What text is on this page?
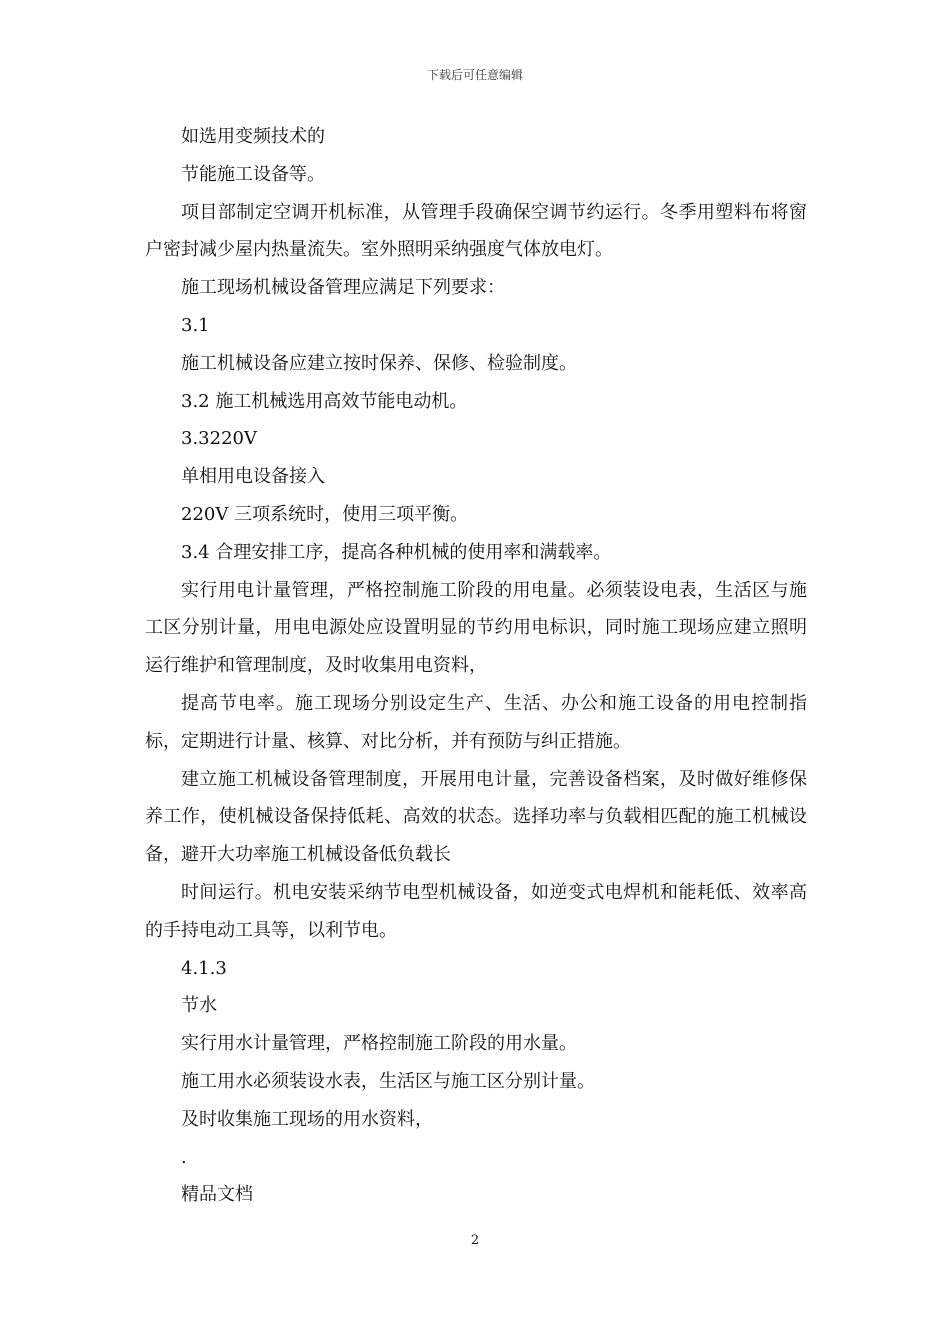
下载后可任意编辑

如选用变频技术的

节能施工设备等。

项目部制定空调开机标准，从管理手段确保空调节约运行。冬季用塑料布将窗户密封减少屋内热量流失。室外照明采纳强度气体放电灯。

施工现场机械设备管理应满足下列要求：

3.1

施工机械设备应建立按时保养、保修、检验制度。

3.2 施工机械选用高效节能电动机。

3.3220V

单相用电设备接入

220V 三项系统时，使用三项平衡。

3.4 合理安排工序，提高各种机械的使用率和满载率。

实行用电计量管理，严格控制施工阶段的用电量。必须装设电表，生活区与施工区分别计量，用电电源处应设置明显的节约用电标识，同时施工现场应建立照明运行维护和管理制度，及时收集用电资料，

提高节电率。施工现场分别设定生产、生活、办公和施工设备的用电控制指标，定期进行计量、核算、对比分析，并有预防与纠正措施。

建立施工机械设备管理制度，开展用电计量，完善设备档案，及时做好维修保养工作，使机械设备保持低耗、高效的状态。选择功率与负载相匹配的施工机械设备，避开大功率施工机械设备低负载长

时间运行。机电安装采纳节电型机械设备，如逆变式电焊机和能耗低、效率高的手持电动工具等，以利节电。

4.1.3

节水

实行用水计量管理，严格控制施工阶段的用水量。

施工用水必须装设水表，生活区与施工区分别计量。

及时收集施工现场的用水资料，

.

精品文档

2
